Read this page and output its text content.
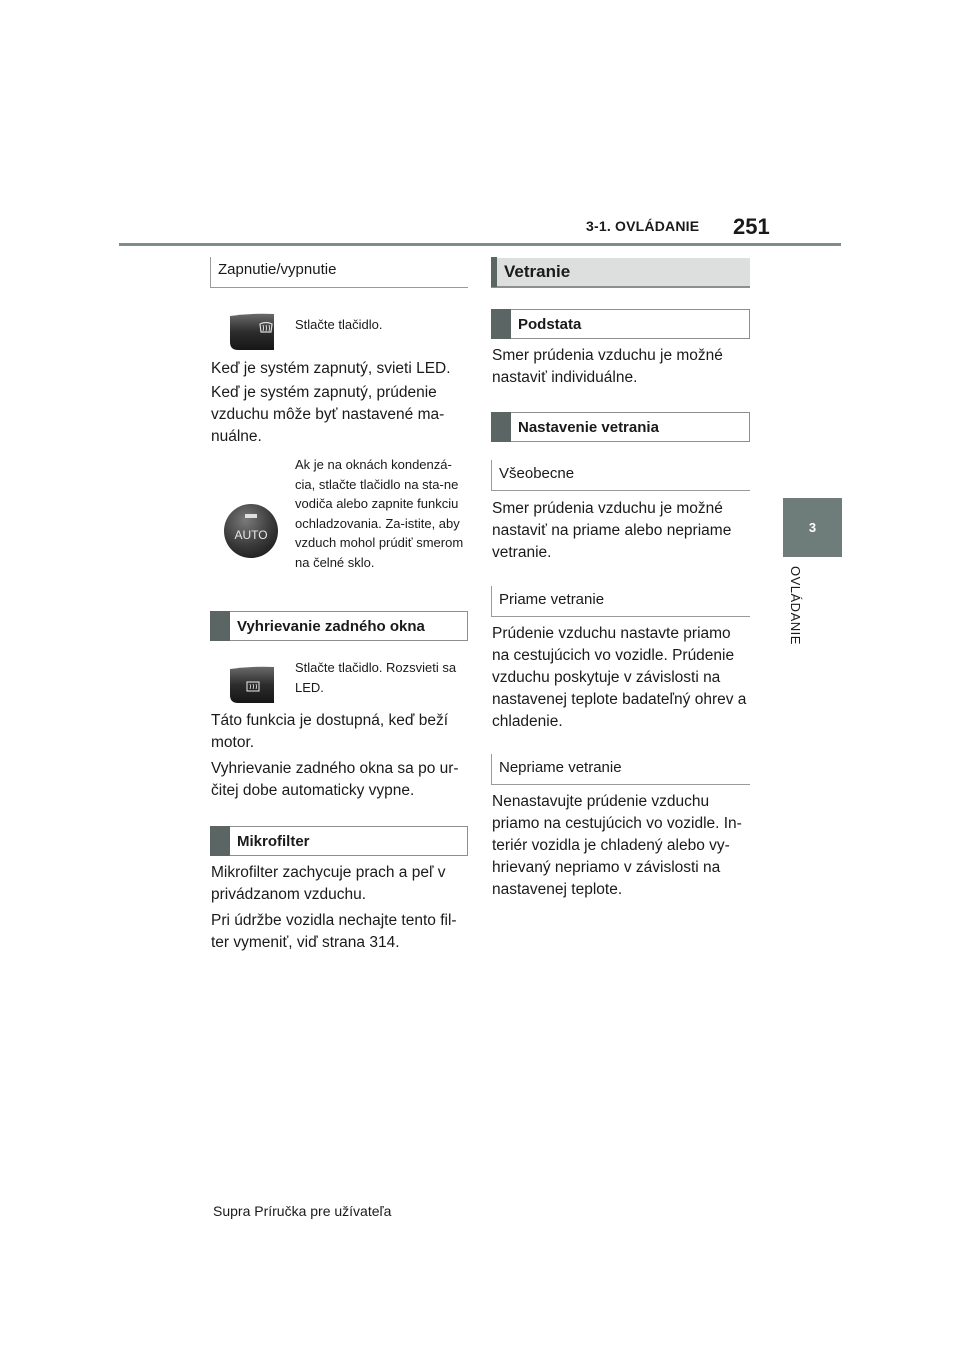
3-1. OVLÁDANIE 251
3
OVLÁDANIE
Zapnutie/vypnutie
Stlačte tlačidlo.
Keď je systém zapnutý, svieti LED.
Keď je systém zapnutý, prúdenie vzduchu môže byť nastavené ma-nuálne.
AUTO
Ak je na oknách kondenzá-cia, stlačte tlačidlo na sta-ne vodiča alebo zapnite funkciu ochladzovania. Za-istite, aby vzduch mohol prúdiť smerom na čelné sklo.
Vyhrievanie zadného okna
Stlačte tlačidlo. Rozsvieti sa LED.
Táto funkcia je dostupná, keď beží motor.
Vyhrievanie zadného okna sa po ur-čitej dobe automaticky vypne.
Mikrofilter
Mikrofilter zachycuje prach a peľ v privádzanom vzduchu.
Pri údržbe vozidla nechajte tento fil-ter vymeniť, viď strana 314.
Vetranie
Podstata
Smer prúdenia vzduchu je možné nastaviť individuálne.
Nastavenie vetrania
Všeobecne
Smer prúdenia vzduchu je možné nastaviť na priame alebo nepriame vetranie.
Priame vetranie
Prúdenie vzduchu nastavte priamo na cestujúcich vo vozidle. Prúdenie vzduchu poskytuje v závislosti na nastavenej teplote badateľný ohrev a chladenie.
Nepriame vetranie
Nenastavujte prúdenie vzduchu priamo na cestujúcich vo vozidle. In-teriér vozidla je chladený alebo vy-hrievaný nepriamo v závislosti na nastavenej teplote.
Supra Príručka pre užívateľa
